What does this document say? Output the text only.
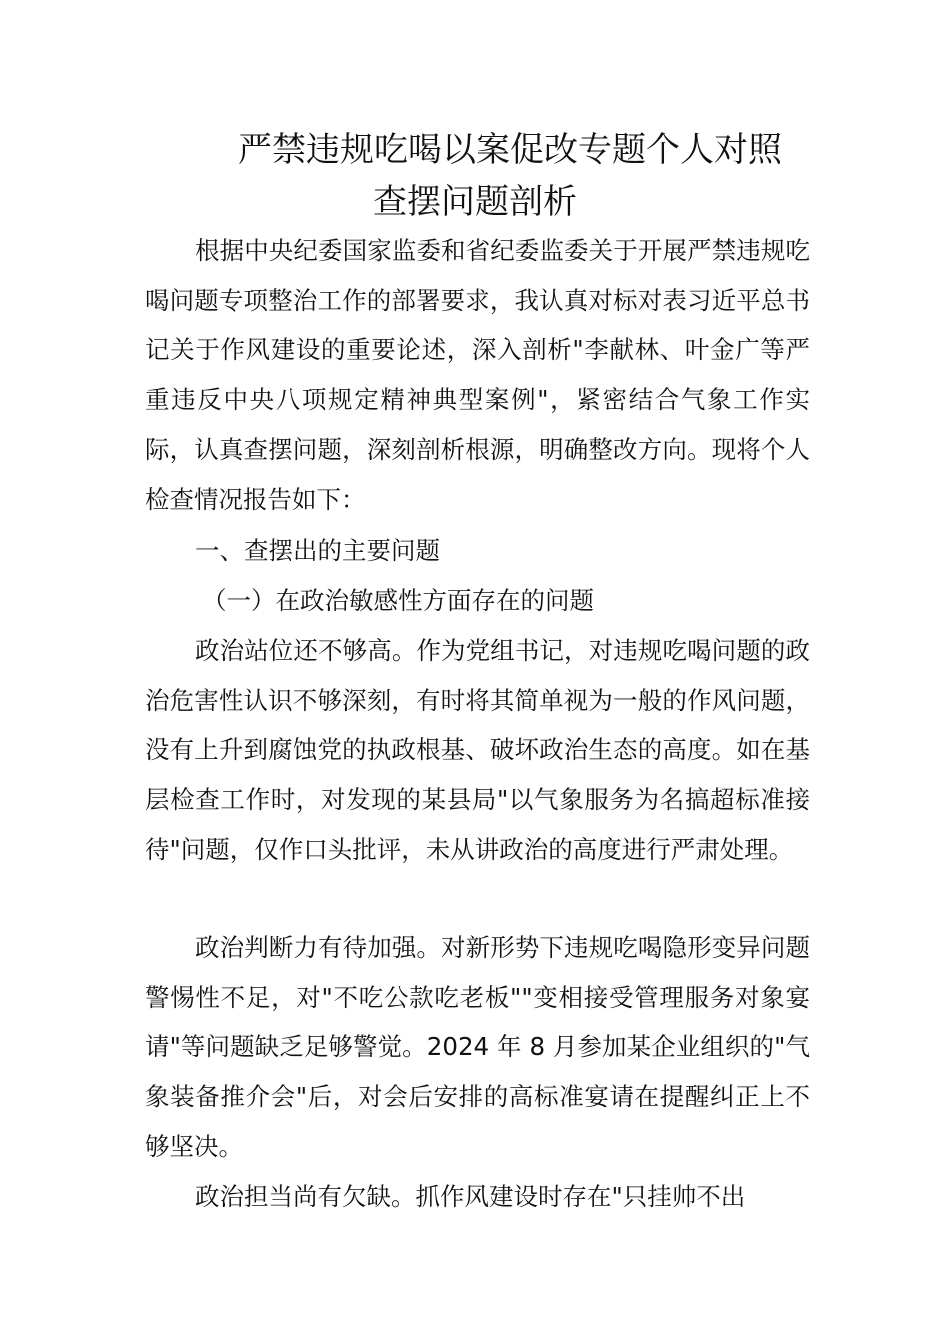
严禁违规吃喝以案促改专题个人对照
查摆问题剖析
根据中央纪委国家监委和省纪委监委关于开展严禁违规吃喝问题专项整治工作的部署要求，我认真对标对表习近平总书记关于作风建设的重要论述，深入剖析"李献林、叶金广等严重违反中央八项规定精神典型案例"，紧密结合气象工作实际，认真查摆问题，深刻剖析根源，明确整改方向。现将个人检查情况报告如下：
一、查摆出的主要问题
（一）在政治敏感性方面存在的问题
政治站位还不够高。作为党组书记，对违规吃喝问题的政治危害性认识不够深刻，有时将其简单视为一般的作风问题，没有上升到腐蚀党的执政根基、破坏政治生态的高度。如在基层检查工作时，对发现的某县局"以气象服务为名搞超标准接待"问题，仅作口头批评，未从讲政治的高度进行严肃处理。
政治判断力有待加强。对新形势下违规吃喝隐形变异问题警惕性不足，对"不吃公款吃老板""变相接受管理服务对象宴请"等问题缺乏足够警觉。2024 年 8 月参加某企业组织的"气象装备推介会"后，对会后安排的高标准宴请在提醒纠正上不够坚决。
政治担当尚有欠缺。抓作风建设时存在"只挂帅不出
